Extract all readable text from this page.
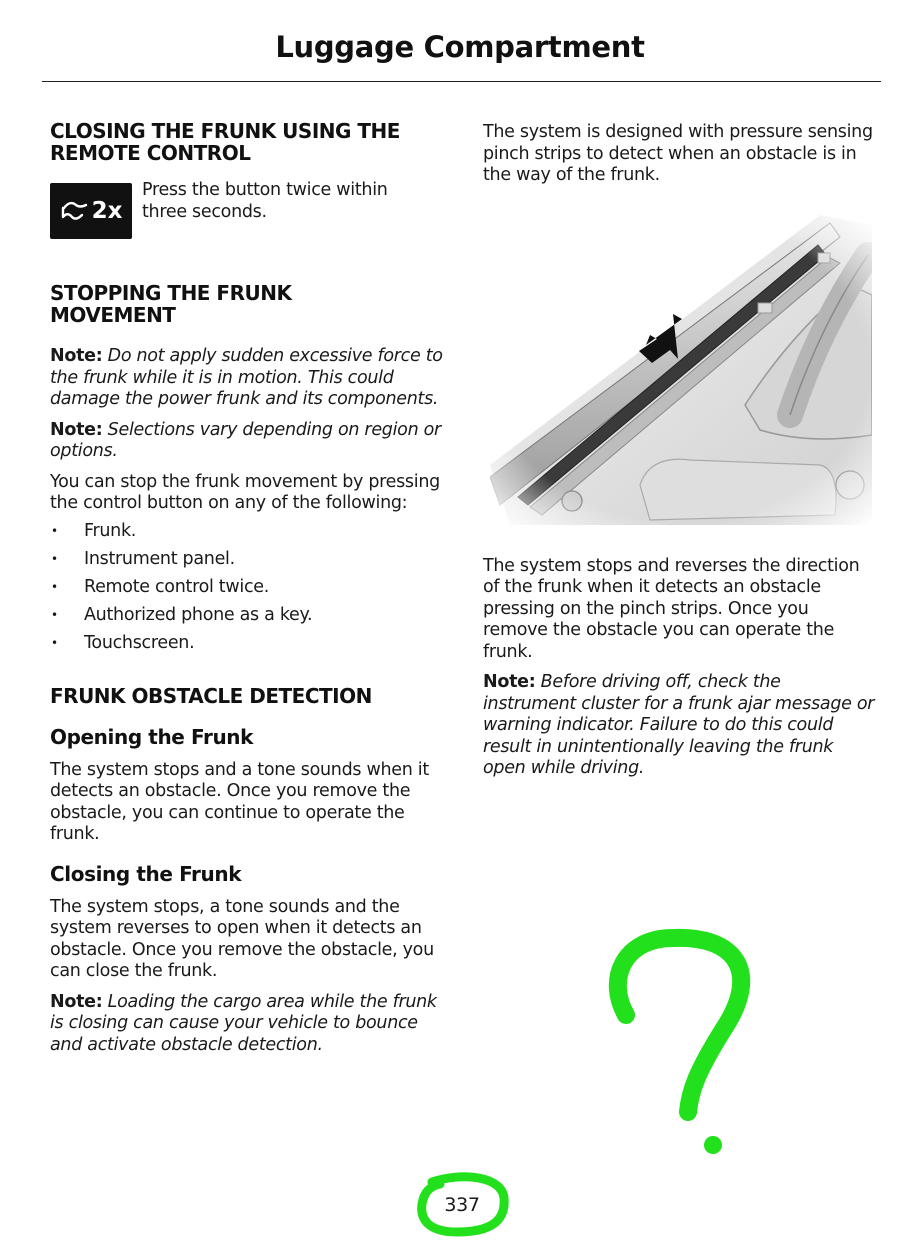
Luggage Compartment
CLOSING THE FRUNK USING THE REMOTE CONTROL
2x

Press the button twice within three seconds.

STOPPING THE FRUNK MOVEMENT

Note: Do not apply sudden excessive force to the frunk while it is in motion. This could damage the power frunk and its components.

Note: Selections vary depending on region or options.

You can stop the frunk movement by pressing the control button on any of the following:

• Frunk.
• Instrument panel.
• Remote control twice.
• Authorized phone as a key.
• Touchscreen.
FRUNK OBSTACLE DETECTION
Opening the Frunk

The system stops and a tone sounds when it detects an obstacle. Once you remove the obstacle, you can continue to operate the frunk.

Closing the Frunk

The system stops, a tone sounds and the system reverses to open when it detects an obstacle. Once you remove the obstacle, you can close the frunk.

Note: Loading the cargo area while the frunk is closing can cause your vehicle to bounce and activate obstacle detection.

The system is designed with pressure sensing pinch strips to detect when an obstacle is in the way of the frunk.

The system stops and reverses the direction of the frunk when it detects an obstacle pressing on the pinch strips. Once you remove the obstacle you can operate the frunk.

Note: Before driving off, check the instrument cluster for a frunk ajar message or warning indicator. Failure to do this could result in unintentionally leaving the frunk open while driving.

337
